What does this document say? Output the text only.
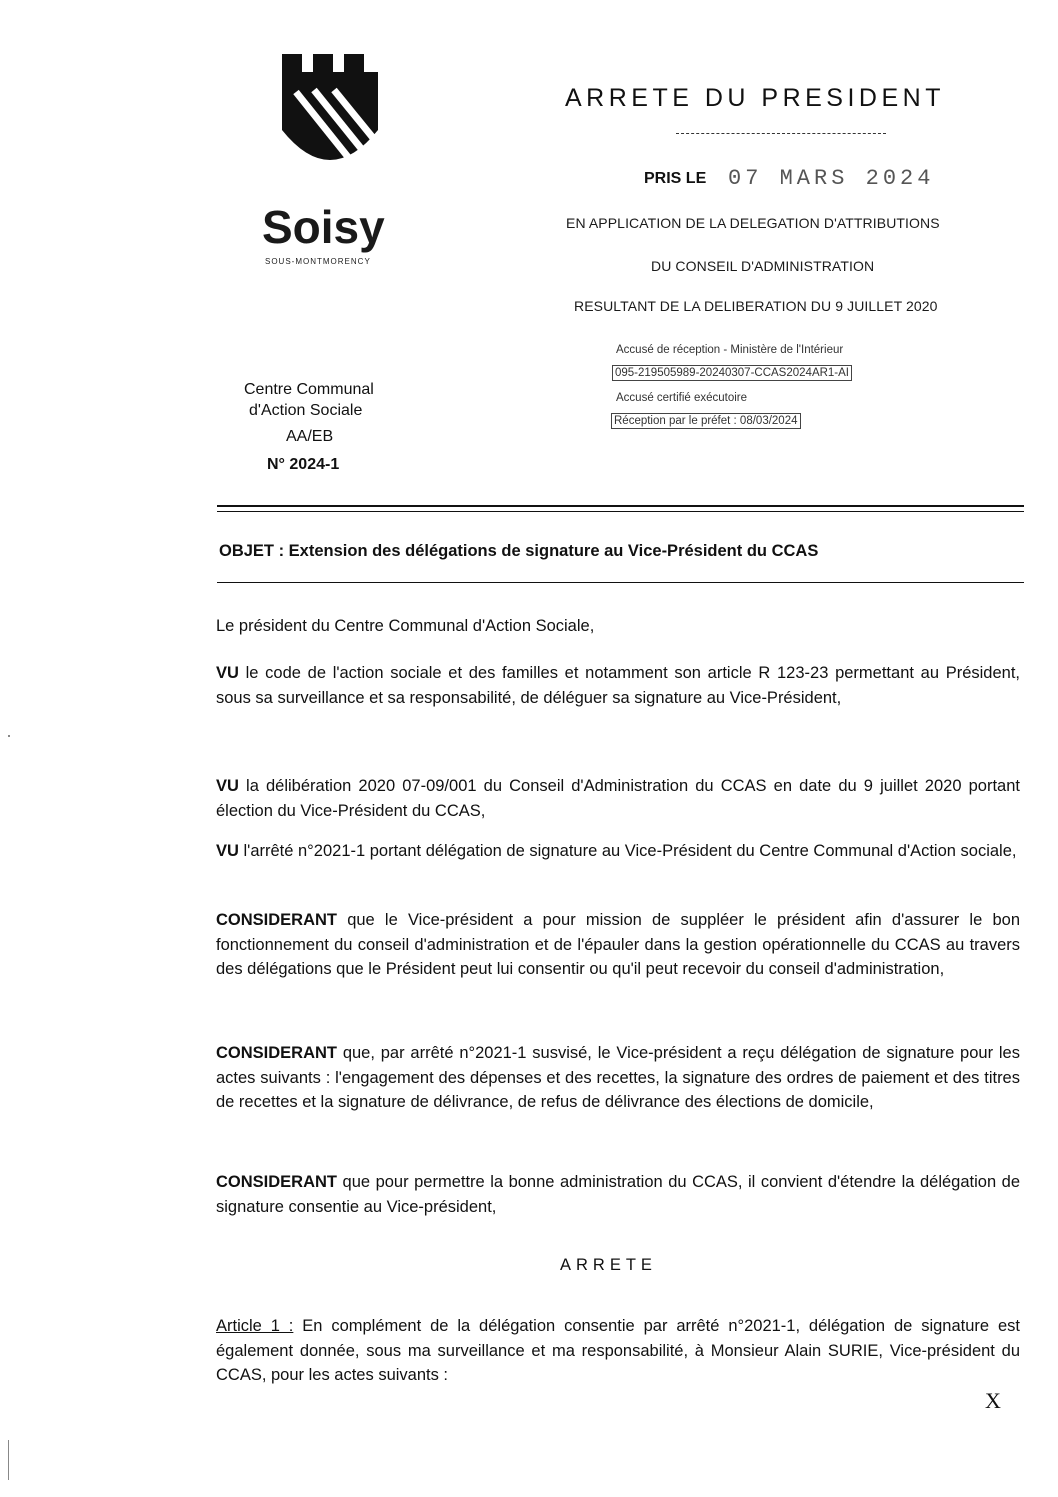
Soisy
SOUS-MONTMORENCY
ARRETE DU PRESIDENT
PRIS LE 07 MARS 2024
EN APPLICATION DE LA DELEGATION D'ATTRIBUTIONS
DU CONSEIL D'ADMINISTRATION
RESULTANT DE LA DELIBERATION DU 9 JUILLET 2020
Accusé de réception - Ministère de l'Intérieur
095-219505989-20240307-CCAS2024AR1-AI
Accusé certifié exécutoire
Réception par le préfet : 08/03/2024
Centre Communal
d'Action Sociale
AA/EB
N° 2024-1
OBJET : Extension des délégations de signature au Vice-Président du CCAS
Le président du Centre Communal d'Action Sociale,
VU le code de l'action sociale et des familles et notamment son article R 123-23 permettant au Président, sous sa surveillance et sa responsabilité, de déléguer sa signature au Vice-Président,
VU la délibération 2020 07-09/001 du Conseil d'Administration du CCAS en date du 9 juillet 2020 portant élection du Vice-Président du CCAS,
VU l'arrêté n°2021-1 portant délégation de signature au Vice-Président du Centre Communal d'Action sociale,
CONSIDERANT que le Vice-président a pour mission de suppléer le président afin d'assurer le bon fonctionnement du conseil d'administration et de l'épauler dans la gestion opérationnelle du CCAS au travers des délégations que le Président peut lui consentir ou qu'il peut recevoir du conseil d'administration,
CONSIDERANT que, par arrêté n°2021-1 susvisé, le Vice-président a reçu délégation de signature pour les actes suivants : l'engagement des dépenses et des recettes, la signature des ordres de paiement et des titres de recettes et la signature de délivrance, de refus de délivrance des élections de domicile,
CONSIDERANT que pour permettre la bonne administration du CCAS, il convient d'étendre la délégation de signature consentie au Vice-président,
ARRETE
Article 1 : En complément de la délégation consentie par arrêté n°2021-1, délégation de signature est également donnée, sous ma surveillance et ma responsabilité, à Monsieur Alain SURIE, Vice-président du CCAS, pour les actes suivants :
X
